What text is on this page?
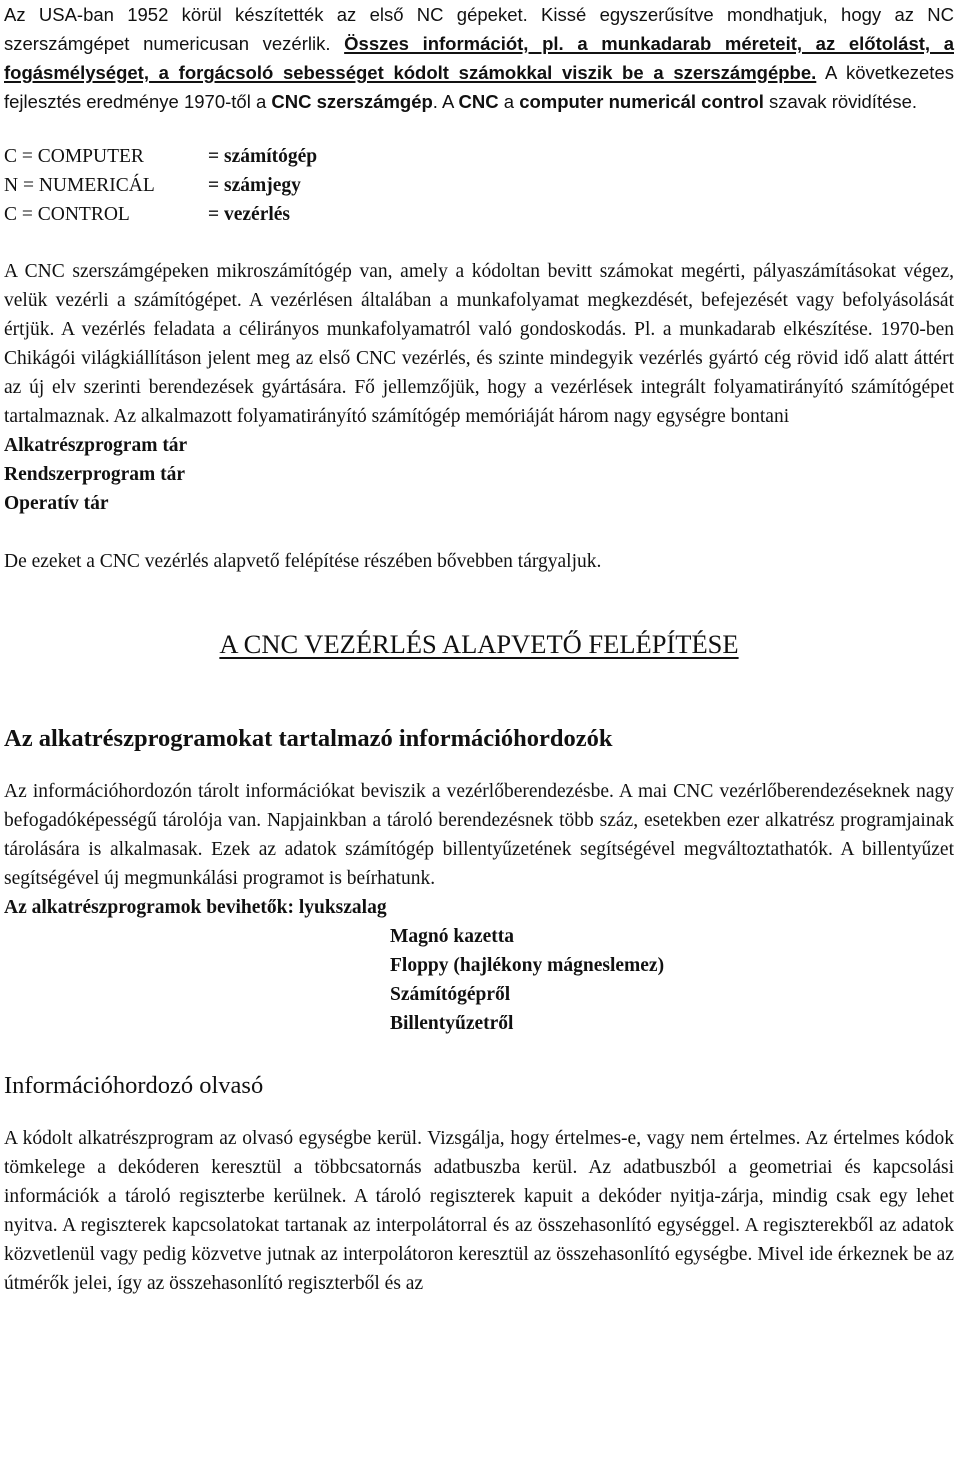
Az USA-ban 1952 körül készítették az első NC gépeket. Kissé egyszerűsítve mondhatjuk, hogy az NC szerszámgépet numericusan vezérlik. Összes információt, pl. a munkadarab méreteit, az előtolást, a fogásmélységet, a forgácsoló sebességet kódolt számokkal viszik be a szerszámgépbe. A következetes fejlesztés eredménye 1970-től a CNC szerszámgép. A CNC a computer numericál control szavak rövidítése.

C = COMPUTER	= számítógép
N = NUMERICÁL	= számjegy
C = CONTROL	= vezérlés

A CNC szerszámgépeken mikroszámítógép van, amely a kódoltan bevitt számokat megérti, pályaszámításokat végez, velük vezérli a számítógépet. A vezérlésen általában a munkafolyamat megkezdését, befejezését vagy befolyásolását értjük. A vezérlés feladata a célirányos munkafolyamatról való gondoskodás. Pl. a munkadarab elkészítése. 1970-ben Chikágói világkiállításon jelent meg az első CNC vezérlés, és szinte mindegyik vezérlés gyártó cég rövid idő alatt áttért az új elv szerinti berendezések gyártására. Fő jellemzőjük, hogy a vezérlések integrált folyamatirányító számítógépet tartalmaznak. Az alkalmazott folyamatirányító számítógép memóriáját három nagy egységre bontani

Alkatrészprogram tár

Rendszerprogram tár

Operatív tár

De ezeket a CNC vezérlés alapvető felépítése részében bővebben tárgyaljuk.

A CNC VEZÉRLÉS ALAPVETŐ FELÉPÍTÉSE

Az alkatrészprogramokat tartalmazó információhordozók

Az információhordozón tárolt információkat beviszik a vezérlőberendezésbe. A mai CNC vezérlőberendezéseknek nagy befogadóképességű tárolója van. Napjainkban a tároló berendezésnek több száz, esetekben ezer alkatrész programjainak tárolására is alkalmasak. Ezek az adatok számítógép billentyűzetének segítségével megváltoztathatók. A billentyűzet segítségével új megmunkálási programot is beírhatunk.

Az alkatrészprogramok bevihetők: lyukszalag

Magnó kazetta

Floppy (hajlékony mágneslemez)

Számítógépről

Billentyűzetről

Információhordozó olvasó

A kódolt alkatrészprogram az olvasó egységbe kerül. Vizsgálja, hogy értelmes-e, vagy nem értelmes. Az értelmes kódok tömkelege a dekóderen keresztül a többcsatornás adatbuszba kerül. Az adatbuszból a geometriai és kapcsolási információk a tároló regiszterbe kerülnek. A tároló regiszterek kapuit a dekóder nyitja-zárja, mindig csak egy lehet nyitva. A regiszterek kapcsolatokat tartanak az interpolátorral és az összehasonlító egységgel. A regiszterekből az adatok közvetlenül vagy pedig közvetve jutnak az interpolátoron keresztül az összehasonlító egységbe. Mivel ide érkeznek be az útmérők jelei, így az összehasonlító regiszterből és az
